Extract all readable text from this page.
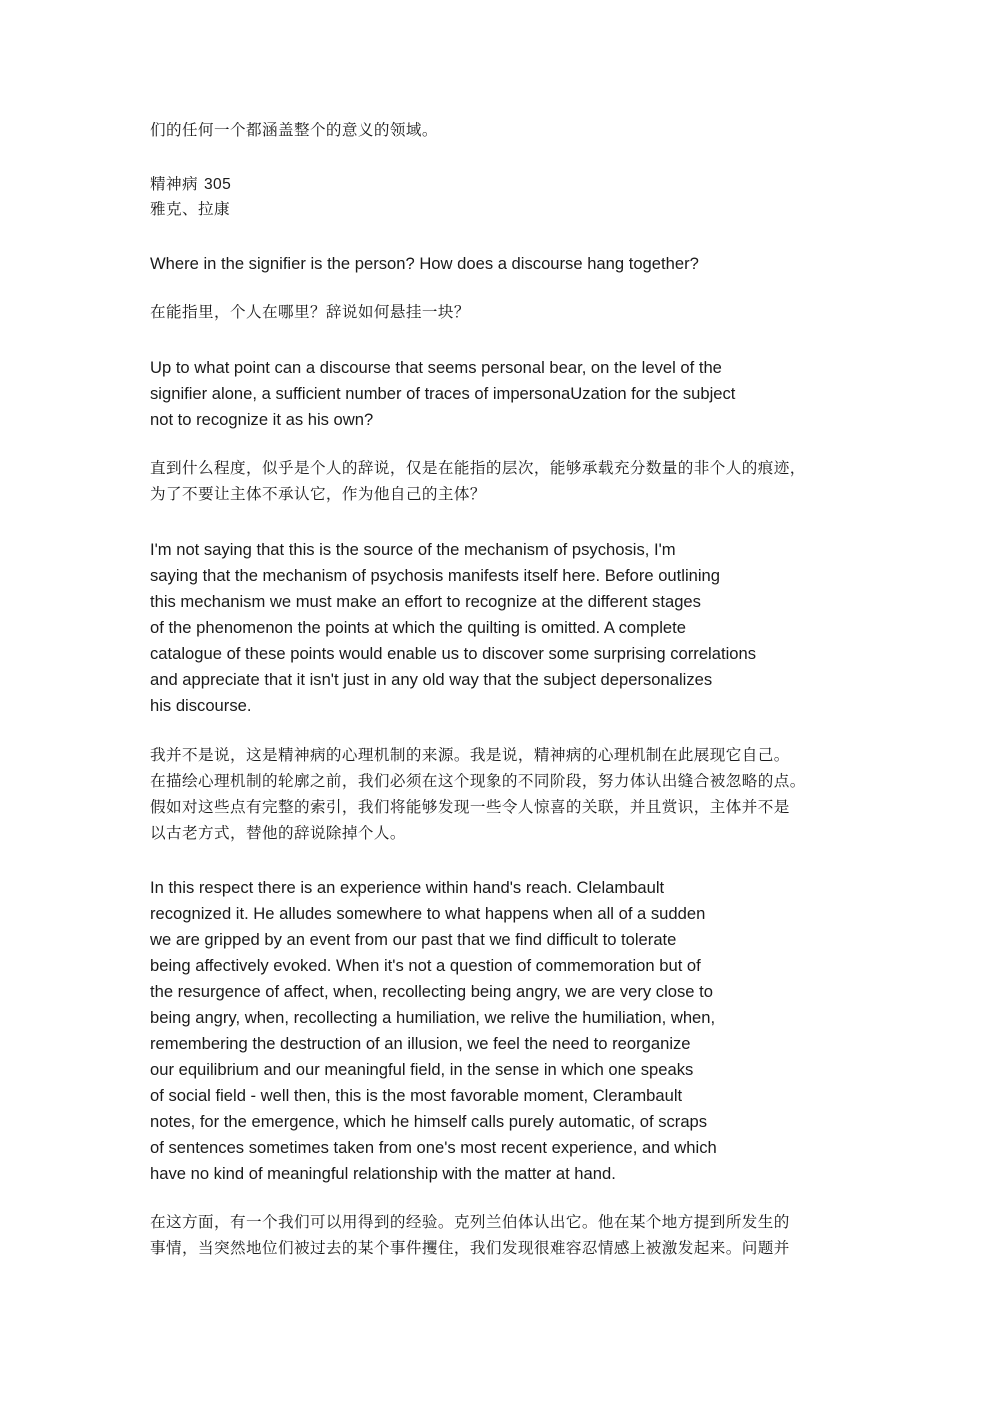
们的任何一个都涵盖整个的意义的领域。
精神病 305
雅克、拉康
Where in the signifier is the person? How does a discourse hang together?
在能指里，个人在哪里？辞说如何悬挂一块？
Up to what point can a discourse that seems personal bear, on the level of the
signifier alone, a sufficient number of traces of impersonaUzation for the subject
not to recognize it as his own?
直到什么程度，似乎是个人的辞说，仅是在能指的层次，能够承载充分数量的非个人的痕迹，
为了不要让主体不承认它，作为他自己的主体？
I'm not saying that this is the source of the mechanism of psychosis, I'm
saying that the mechanism of psychosis manifests itself here. Before outlining
this mechanism we must make an effort to recognize at the different stages
of the phenomenon the points at which the quilting is omitted. A complete
catalogue of these points would enable us to discover some surprising correlations
and appreciate that it isn't just in any old way that the subject depersonalizes
his discourse.
我并不是说，这是精神病的心理机制的来源。我是说，精神病的心理机制在此展现它自己。
在描绘心理机制的轮廓之前，我们必须在这个现象的不同阶段，努力体认出缝合被忽略的点。
假如对这些点有完整的索引，我们将能够发现一些令人惊喜的关联，并且赏识，主体并不是
以古老方式，替他的辞说除掉个人。
In this respect there is an experience within hand's reach. Clelambault
recognized it. He alludes somewhere to what happens when all of a sudden
we are gripped by an event from our past that we find difficult to tolerate
being affectively evoked. When it's not a question of commemoration but of
the resurgence of affect, when, recollecting being angry, we are very close to
being angry, when, recollecting a humiliation, we relive the humiliation, when,
remembering the destruction of an illusion, we feel the need to reorganize
our equilibrium and our meaningful field, in the sense in which one speaks
of social field - well then, this is the most favorable moment, Clerambault
notes, for the emergence, which he himself calls purely automatic, of scraps
of sentences sometimes taken from one's most recent experience, and which
have no kind of meaningful relationship with the matter at hand.
在这方面，有一个我们可以用得到的经验。克列兰伯体认出它。他在某个地方提到所发生的
事情，当突然地位们被过去的某个事件攫住，我们发现很难容忍情感上被激发起来。问题并
